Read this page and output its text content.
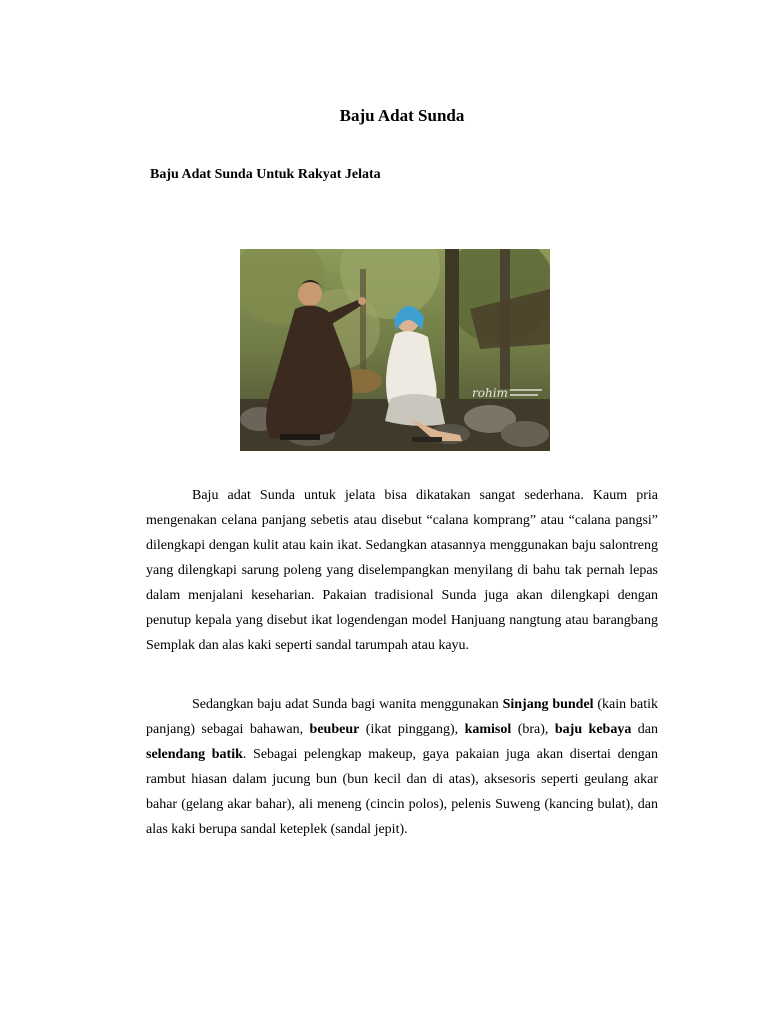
Baju Adat Sunda
Baju Adat Sunda Untuk Rakyat Jelata
rohim

Baju adat Sunda untuk jelata bisa dikatakan sangat sederhana. Kaum pria mengenakan celana panjang sebetis atau disebut “calana komprang” atau “calana pangsi” dilengkapi dengan kulit atau kain ikat. Sedangkan atasannya menggunakan baju salontreng yang dilengkapi sarung poleng yang diselempangkan menyilang di bahu tak pernah lepas dalam menjalani keseharian. Pakaian tradisional Sunda juga akan dilengkapi dengan penutup kepala yang disebut ikat logendengan model Hanjuang nangtung atau barangbang Semplak dan alas kaki seperti sandal tarumpah atau kayu.

Sedangkan baju adat Sunda bagi wanita menggunakan Sinjang bundel (kain batik panjang) sebagai bahawan, beubeur (ikat pinggang), kamisol (bra), baju kebaya dan selendang batik. Sebagai pelengkap makeup, gaya pakaian juga akan disertai dengan rambut hiasan dalam jucung bun (bun kecil dan di atas), aksesoris seperti geulang akar bahar (gelang akar bahar), ali meneng (cincin polos), pelenis Suweng (kancing bulat), dan alas kaki berupa sandal keteplek (sandal jepit).
